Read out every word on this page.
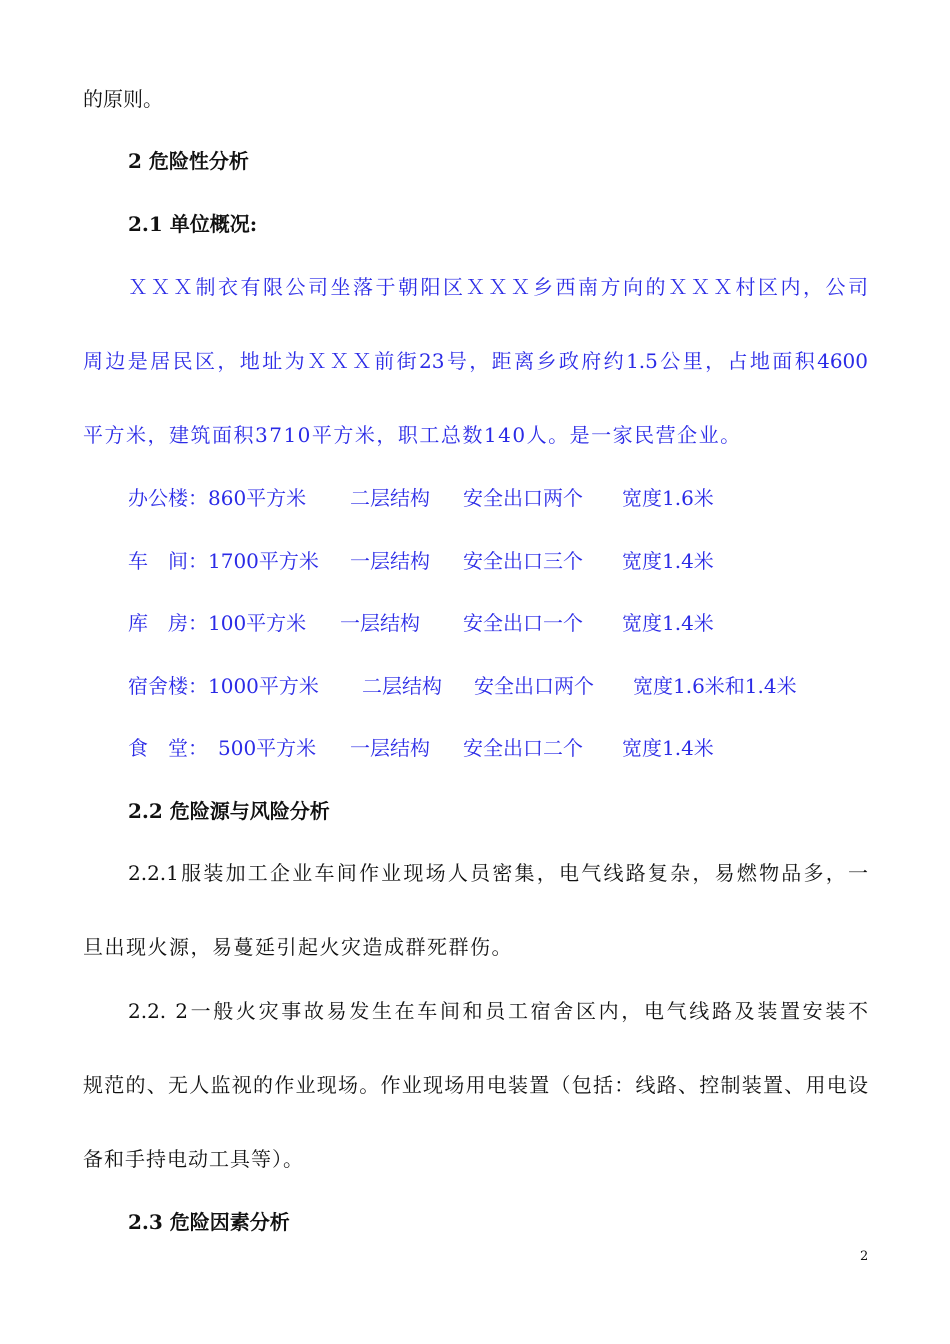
的原则。
2 危险性分析
2.1 单位概况:
ＸＸＸ制衣有限公司坐落于朝阳区ＸＸＸ乡西南方向的ＸＸＸ村区内，公司
周边是居民区，地址为ＸＸＸ前街23号，距离乡政府约1.5公里，占地面积4600
平方米，建筑面积3710平方米，职工总数140人。是一家民营企业。
办公楼：860平方米 二层结构 安全出口两个 宽度1.6米
车　间：1700平方米 一层结构 安全出口三个 宽度1.4米
库　房：100平方米 一层结构 安全出口一个 宽度1.4米
宿舍楼：1000平方米 二层结构 安全出口两个 宽度1.6米和1.4米
食　堂：　500平方米 一层结构 安全出口二个 宽度1.4米
2.2 危险源与风险分析
2.2.1服装加工企业车间作业现场人员密集，电气线路复杂，易燃物品多，一
旦出现火源，易蔓延引起火灾造成群死群伤。
2.2. 2一般火灾事故易发生在车间和员工宿舍区内，电气线路及装置安装不
规范的、无人监视的作业现场。作业现场用电装置（包括：线路、控制装置、用电设
备和手持电动工具等）。
2.3 危险因素分析
2
